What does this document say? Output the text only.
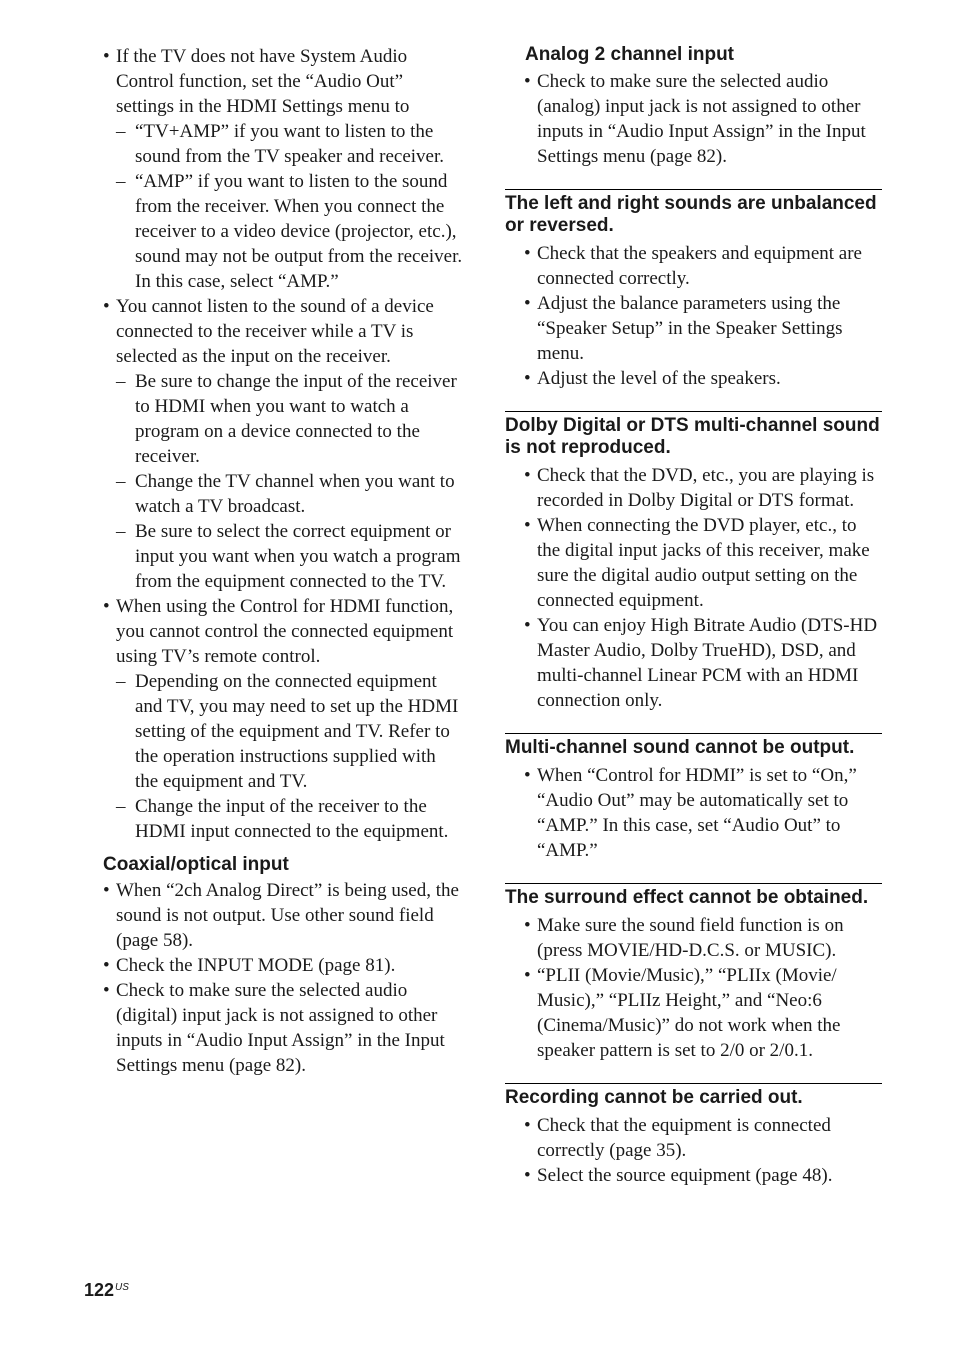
• If the TV does not have System Audio Control function, set the “Audio Out” settings in the HDMI Settings menu to
– “TV+AMP” if you want to listen to the sound from the TV speaker and receiver.
– “AMP” if you want to listen to the sound from the receiver. When you connect the receiver to a video device (projector, etc.), sound may not be output from the receiver. In this case, select “AMP.”
• You cannot listen to the sound of a device connected to the receiver while a TV is selected as the input on the receiver.
– Be sure to change the input of the receiver to HDMI when you want to watch a program on a device connected to the receiver.
– Change the TV channel when you want to watch a TV broadcast.
– Be sure to select the correct equipment or input you want when you watch a program from the equipment connected to the TV.
• When using the Control for HDMI function, you cannot control the connected equipment using TV’s remote control.
– Depending on the connected equipment and TV, you may need to set up the HDMI setting of the equipment and TV. Refer to the operation instructions supplied with the equipment and TV.
– Change the input of the receiver to the HDMI input connected to the equipment.
Coaxial/optical input
• When “2ch Analog Direct” is being used, the sound is not output. Use other sound field (page 58).
• Check the INPUT MODE (page 81).
• Check to make sure the selected audio (digital) input jack is not assigned to other inputs in “Audio Input Assign” in the Input Settings menu (page 82).
Analog 2 channel input
• Check to make sure the selected audio (analog) input jack is not assigned to other inputs in “Audio Input Assign” in the Input Settings menu (page 82).
The left and right sounds are unbalanced or reversed.
• Check that the speakers and equipment are connected correctly.
• Adjust the balance parameters using the “Speaker Setup” in the Speaker Settings menu.
• Adjust the level of the speakers.
Dolby Digital or DTS multi-channel sound is not reproduced.
• Check that the DVD, etc., you are playing is recorded in Dolby Digital or DTS format.
• When connecting the DVD player, etc., to the digital input jacks of this receiver, make sure the digital audio output setting on the connected equipment.
• You can enjoy High Bitrate Audio (DTS-HD Master Audio, Dolby TrueHD), DSD, and multi-channel Linear PCM with an HDMI connection only.
Multi-channel sound cannot be output.
• When “Control for HDMI” is set to “On,” “Audio Out” may be automatically set to “AMP.” In this case, set “Audio Out” to “AMP.”
The surround effect cannot be obtained.
• Make sure the sound field function is on (press MOVIE/HD-D.C.S. or MUSIC).
• “PLII (Movie/Music),” “PLIIx (Movie/ Music),” “PLIIz Height,” and “Neo:6 (Cinema/Music)” do not work when the speaker pattern is set to 2/0 or 2/0.1.
Recording cannot be carried out.
• Check that the equipment is connected correctly (page 35).
• Select the source equipment (page 48).
$122^{US}$
